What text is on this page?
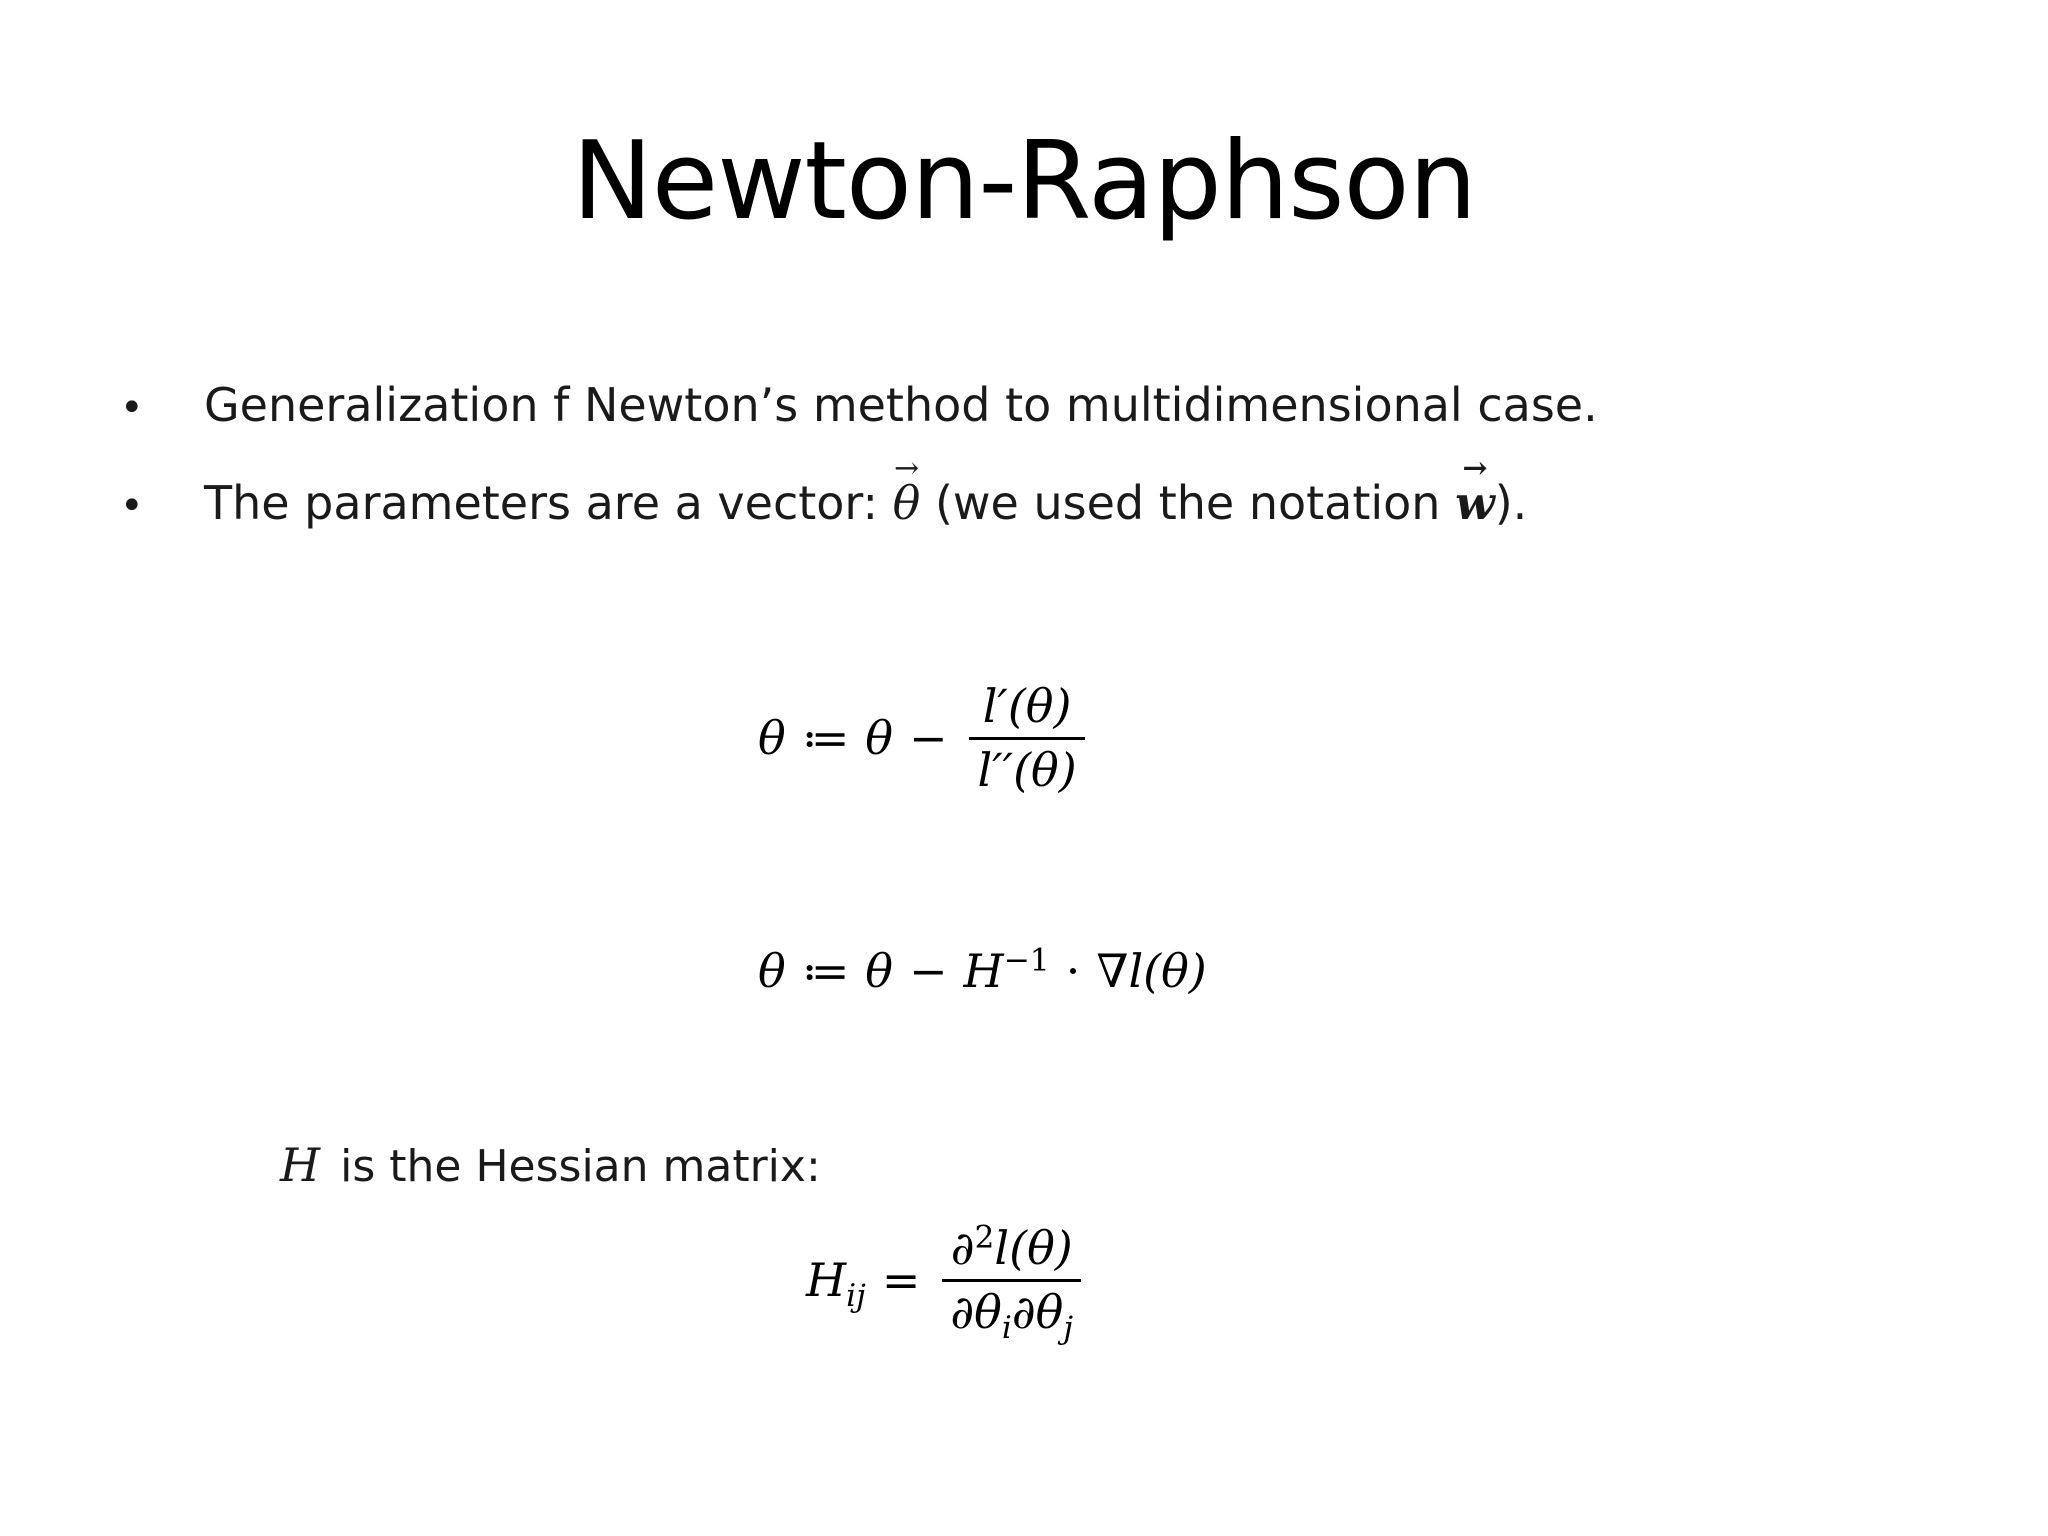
Newton-Raphson
•	Generalization f Newton’s method to multidimensional case.
•	The parameters are a vector:
→
θ (we used the notation
→
w).
θ ≔ $\theta - \frac{l'(\theta)}{l''(\theta)}$
θ ≔ $\theta - H^{-1} \cdot \nabla l(\theta)$
H is the Hessian matrix:
$H_{ij} = \frac{\partial^2l(\theta)}{\partial\theta_i\partial\theta_j}$
